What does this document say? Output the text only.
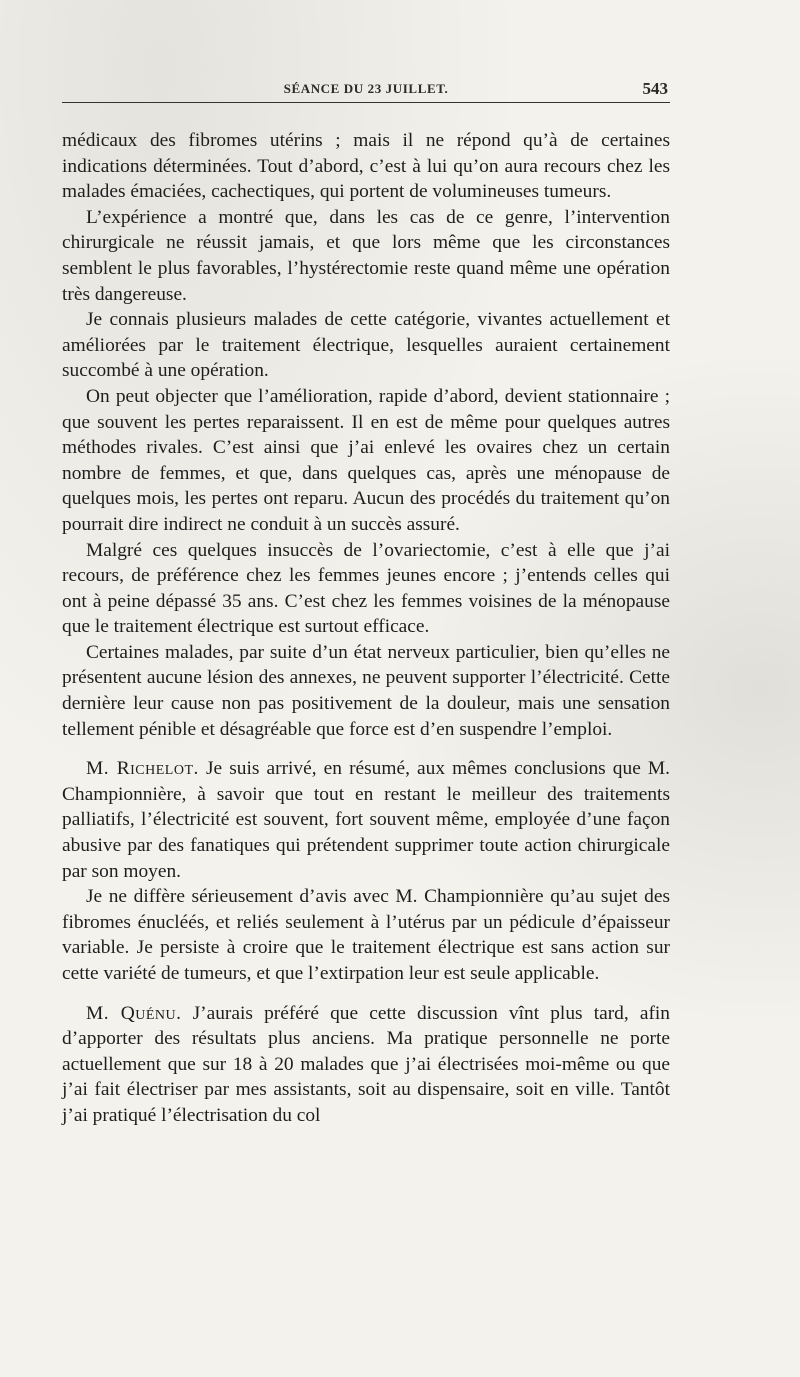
SÉANCE DU 23 JUILLET.	543

médicaux des fibromes utérins ; mais il ne répond qu’à de certaines indications déterminées. Tout d’abord, c’est à lui qu’on aura recours chez les malades émaciées, cachectiques, qui portent de volumineuses tumeurs.

L’expérience a montré que, dans les cas de ce genre, l’intervention chirurgicale ne réussit jamais, et que lors même que les circonstances semblent le plus favorables, l’hystérectomie reste quand même une opération très dangereuse.

Je connais plusieurs malades de cette catégorie, vivantes actuellement et améliorées par le traitement électrique, lesquelles auraient certainement succombé à une opération.

On peut objecter que l’amélioration, rapide d’abord, devient stationnaire ; que souvent les pertes reparaissent. Il en est de même pour quelques autres méthodes rivales. C’est ainsi que j’ai enlevé les ovaires chez un certain nombre de femmes, et que, dans quelques cas, après une ménopause de quelques mois, les pertes ont reparu. Aucun des procédés du traitement qu’on pourrait dire indirect ne conduit à un succès assuré.

Malgré ces quelques insuccès de l’ovariectomie, c’est à elle que j’ai recours, de préférence chez les femmes jeunes encore ; j’entends celles qui ont à peine dépassé 35 ans. C’est chez les femmes voisines de la ménopause que le traitement électrique est surtout efficace.

Certaines malades, par suite d’un état nerveux particulier, bien qu’elles ne présentent aucune lésion des annexes, ne peuvent supporter l’électricité. Cette dernière leur cause non pas positivement de la douleur, mais une sensation tellement pénible et désagréable que force est d’en suspendre l’emploi.

M. Richelot. Je suis arrivé, en résumé, aux mêmes conclusions que M. Championnière, à savoir que tout en restant le meilleur des traitements palliatifs, l’électricité est souvent, fort souvent même, employée d’une façon abusive par des fanatiques qui prétendent supprimer toute action chirurgicale par son moyen.

Je ne diffère sérieusement d’avis avec M. Championnière qu’au sujet des fibromes énucléés, et reliés seulement à l’utérus par un pédicule d’épaisseur variable. Je persiste à croire que le traitement électrique est sans action sur cette variété de tumeurs, et que l’extirpation leur est seule applicable.

M. Quénu. J’aurais préféré que cette discussion vînt plus tard, afin d’apporter des résultats plus anciens. Ma pratique personnelle ne porte actuellement que sur 18 à 20 malades que j’ai électrisées moi-même ou que j’ai fait électriser par mes assistants, soit au dispensaire, soit en ville. Tantôt j’ai pratiqué l’électrisation du col
